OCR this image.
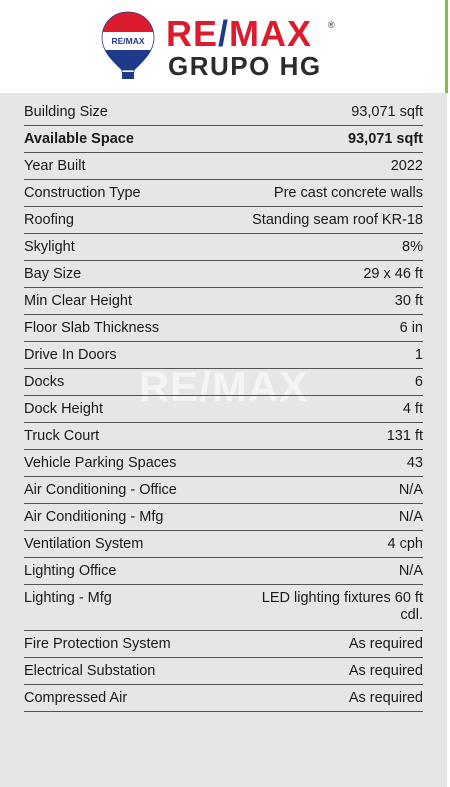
RE/MAX RE/MAX
GRUPO HG
®
RE/MAX
Building Size	93,071 sqft
Available Space	93,071 sqft
Year Built	2022
Construction Type	Pre cast concrete walls
Roofing	Standing seam roof KR-18
Skylight	8%
Bay Size	29 x 46 ft
Min Clear Height	30 ft
Floor Slab Thickness	6 in
Drive In Doors	1
Docks	6
Dock Height	4 ft
Truck Court	131 ft
Vehicle Parking Spaces	43
Air Conditioning - Office	N/A
Air Conditioning - Mfg	N/A
Ventilation System	4 cph
Lighting Office	N/A
Lighting - Mfg	LED lighting fixtures 60 ft cdl.
Fire Protection System	As required
Electrical Substation	As required
Compressed Air	As required
